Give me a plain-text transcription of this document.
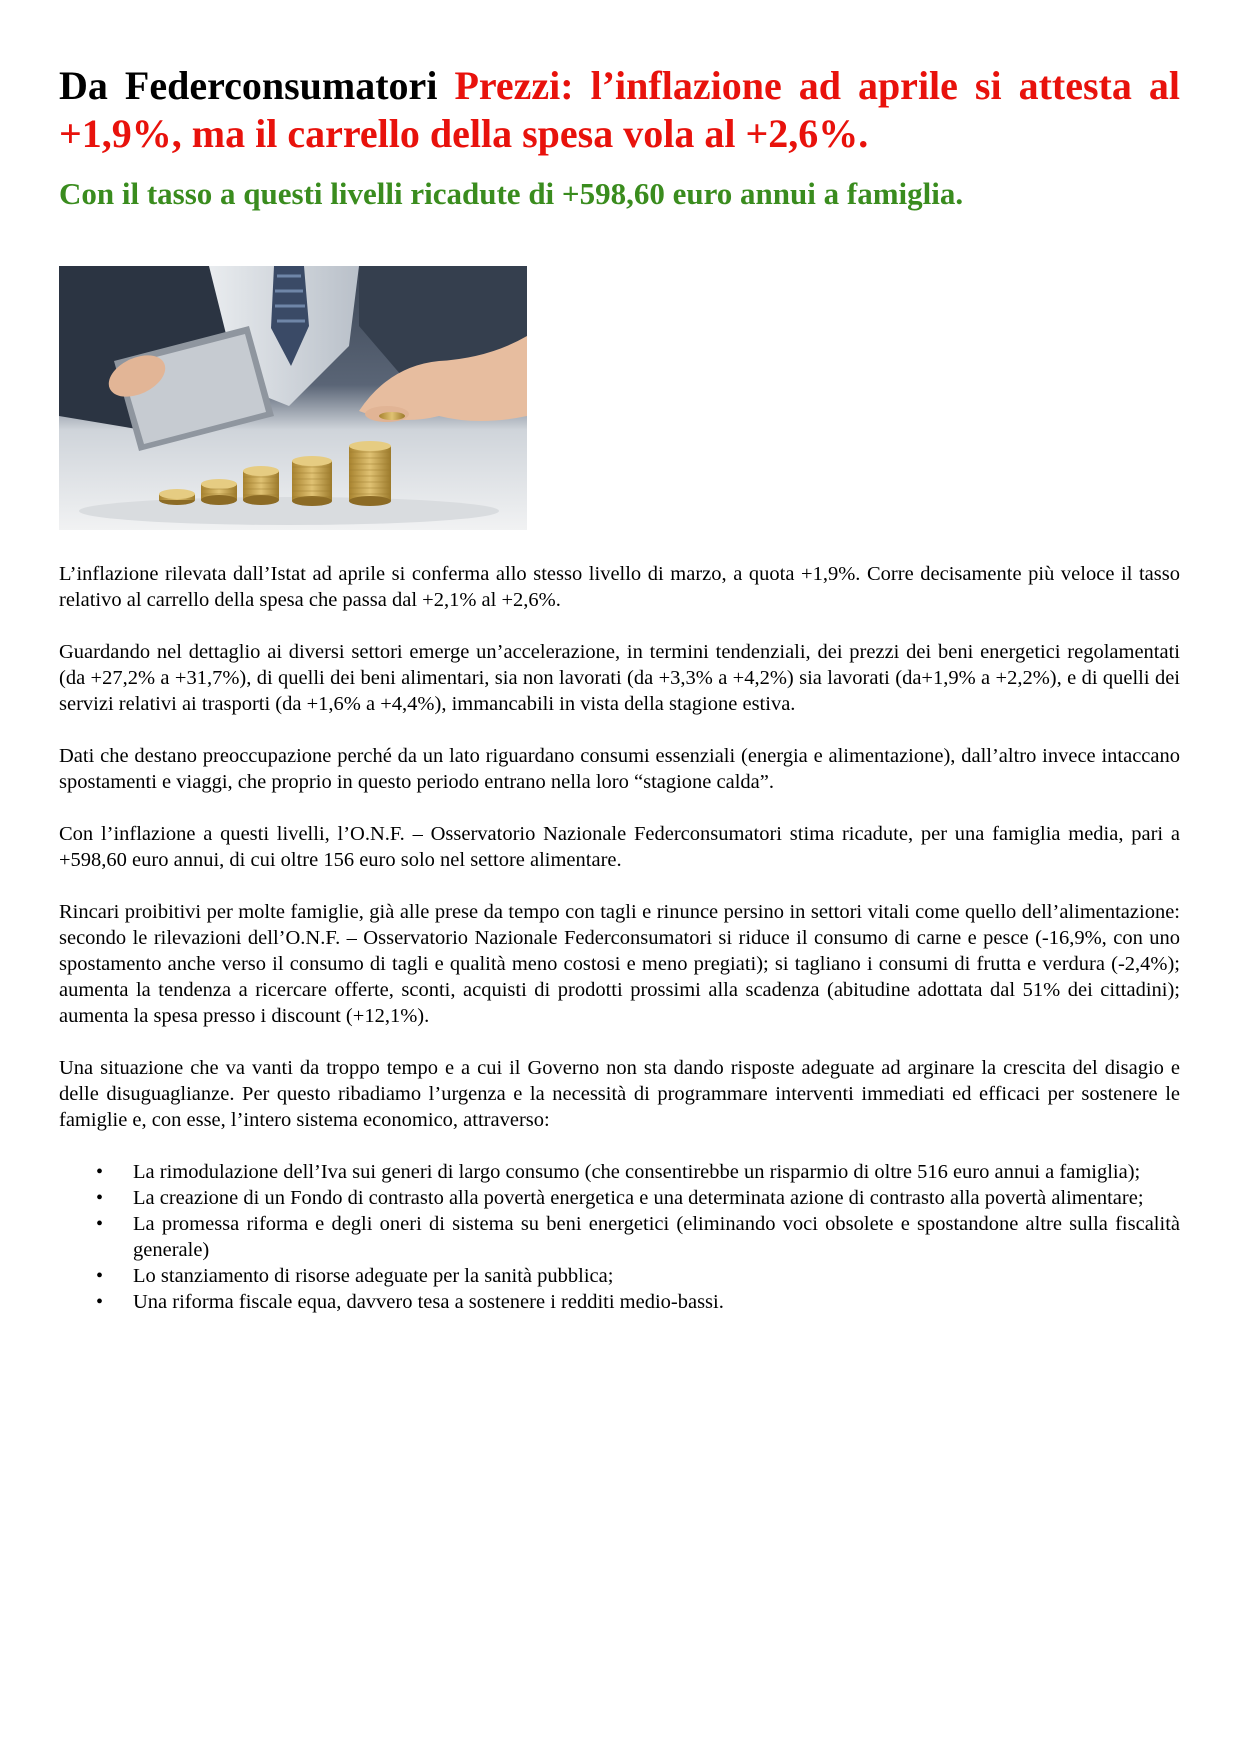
Da Federconsumatori Prezzi: l’inflazione ad aprile si attesta al +1,9%, ma il carrello della spesa vola al +2,6%.
Con il tasso a questi livelli ricadute di +598,60 euro annui a famiglia.

L’inflazione rilevata dall’Istat ad aprile si conferma allo stesso livello di marzo, a quota +1,9%. Corre decisamente più veloce il tasso relativo al carrello della spesa che passa dal +2,1% al +2,6%.

Guardando nel dettaglio ai diversi settori emerge un’accelerazione, in termini tendenziali, dei prezzi dei beni energetici regolamentati (da +27,2% a +31,7%), di quelli dei beni alimentari, sia non lavorati (da +3,3% a +4,2%) sia lavorati (da+1,9% a +2,2%), e di quelli dei servizi relativi ai trasporti (da +1,6% a +4,4%), immancabili in vista della stagione estiva.

Dati che destano preoccupazione perché da un lato riguardano consumi essenziali (energia e alimentazione), dall’altro invece intaccano spostamenti e viaggi, che proprio in questo periodo entrano nella loro “stagione calda”.

Con l’inflazione a questi livelli, l’O.N.F. – Osservatorio Nazionale Federconsumatori stima ricadute, per una famiglia media, pari a +598,60 euro annui, di cui oltre 156 euro solo nel settore alimentare.

Rincari proibitivi per molte famiglie, già alle prese da tempo con tagli e rinunce persino in settori vitali come quello dell’alimentazione: secondo le rilevazioni dell’O.N.F. – Osservatorio Nazionale Federconsumatori si riduce il consumo di carne e pesce (-16,9%, con uno spostamento anche verso il consumo di tagli e qualità meno costosi e meno pregiati); si tagliano i consumi di frutta e verdura (-2,4%); aumenta la tendenza a ricercare offerte, sconti, acquisti di prodotti prossimi alla scadenza (abitudine adottata dal 51% dei cittadini); aumenta la spesa presso i discount (+12,1%).

Una situazione che va vanti da troppo tempo e a cui il Governo non sta dando risposte adeguate ad arginare la crescita del disagio e delle disuguaglianze. Per questo ribadiamo l’urgenza e la necessità di programmare interventi immediati ed efficaci per sostenere le famiglie e, con esse, l’intero sistema economico, attraverso:

• La rimodulazione dell’Iva sui generi di largo consumo (che consentirebbe un risparmio di oltre 516 euro annui a famiglia);
• La creazione di un Fondo di contrasto alla povertà energetica e una determinata azione di contrasto alla povertà alimentare;
• La promessa riforma e degli oneri di sistema su beni energetici (eliminando voci obsolete e spostandone altre sulla fiscalità generale)
• Lo stanziamento di risorse adeguate per la sanità pubblica;
• Una riforma fiscale equa, davvero tesa a sostenere i redditi medio-bassi.
